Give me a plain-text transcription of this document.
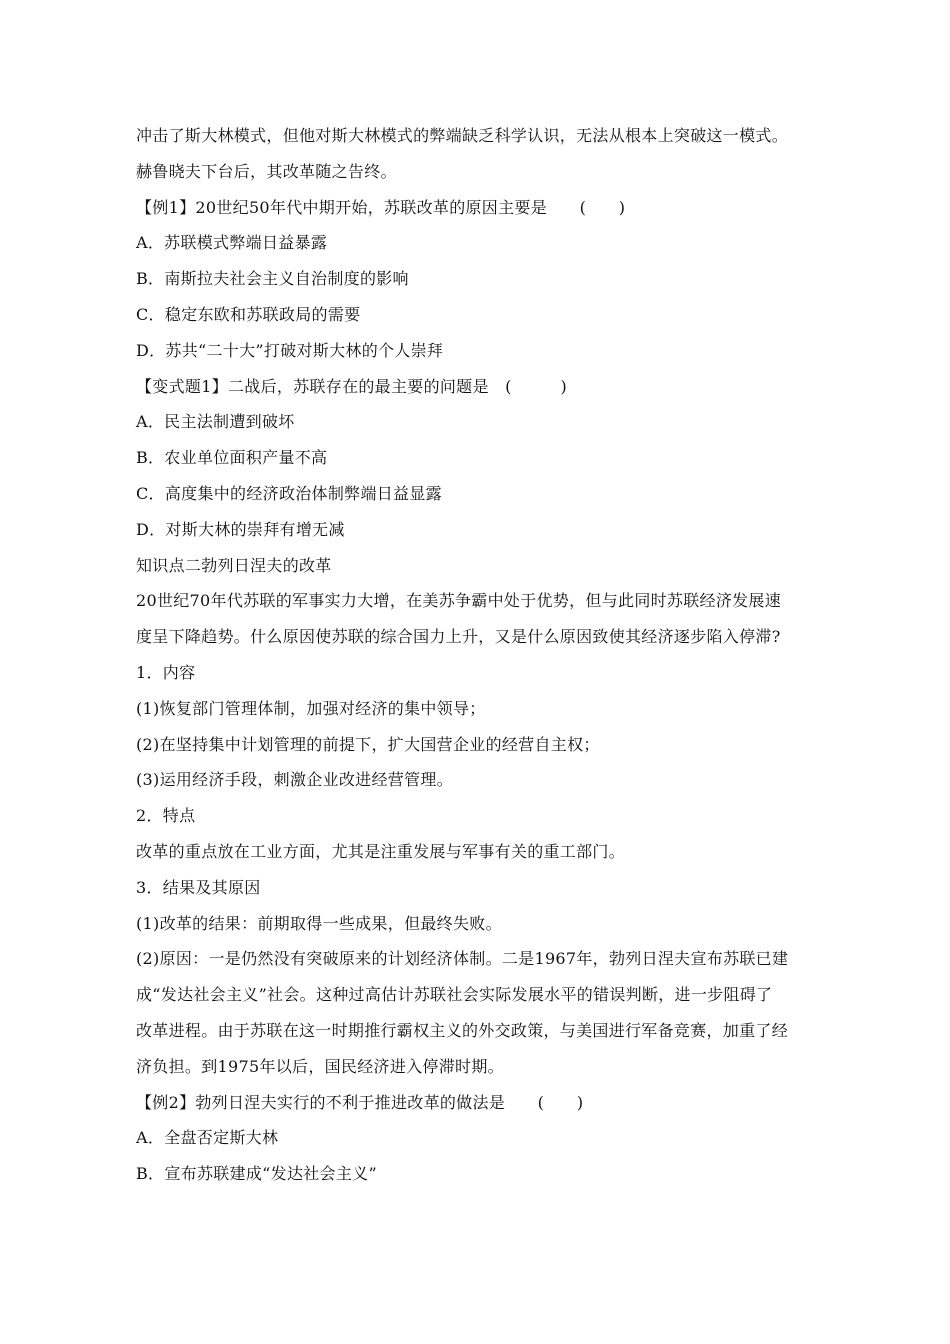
冲击了斯大林模式，但他对斯大林模式的弊端缺乏科学认识，无法从根本上突破这一模式。
赫鲁晓夫下台后，其改革随之告终。
【例1】20世纪50年代中期开始，苏联改革的原因主要是　　(　　)
A．苏联模式弊端日益暴露
B．南斯拉夫社会主义自治制度的影响
C．稳定东欧和苏联政局的需要
D．苏共“二十大”打破对斯大林的个人崇拜
【变式题1】二战后，苏联存在的最主要的问题是　(　　　)
A．民主法制遭到破坏
B．农业单位面积产量不高
C．高度集中的经济政治体制弊端日益显露
D．对斯大林的崇拜有增无减
知识点二勃列日涅夫的改革
20世纪70年代苏联的军事实力大增，在美苏争霸中处于优势，但与此同时苏联经济发展速
度呈下降趋势。什么原因使苏联的综合国力上升，又是什么原因致使其经济逐步陷入停滞?
1．内容
(1)恢复部门管理体制，加强对经济的集中领导；
(2)在坚持集中计划管理的前提下，扩大国营企业的经营自主权；
(3)运用经济手段，刺激企业改进经营管理。
2．特点
改革的重点放在工业方面，尤其是注重发展与军事有关的重工部门。
3．结果及其原因
(1)改革的结果：前期取得一些成果，但最终失败。
(2)原因：一是仍然没有突破原来的计划经济体制。二是1967年，勃列日涅夫宣布苏联已建
成“发达社会主义”社会。这种过高估计苏联社会实际发展水平的错误判断，进一步阻碍了
改革进程。由于苏联在这一时期推行霸权主义的外交政策，与美国进行军备竞赛，加重了经
济负担。到1975年以后，国民经济进入停滞时期。
【例2】勃列日涅夫实行的不利于推进改革的做法是　　(　　)
A．全盘否定斯大林
B．宣布苏联建成“发达社会主义”
